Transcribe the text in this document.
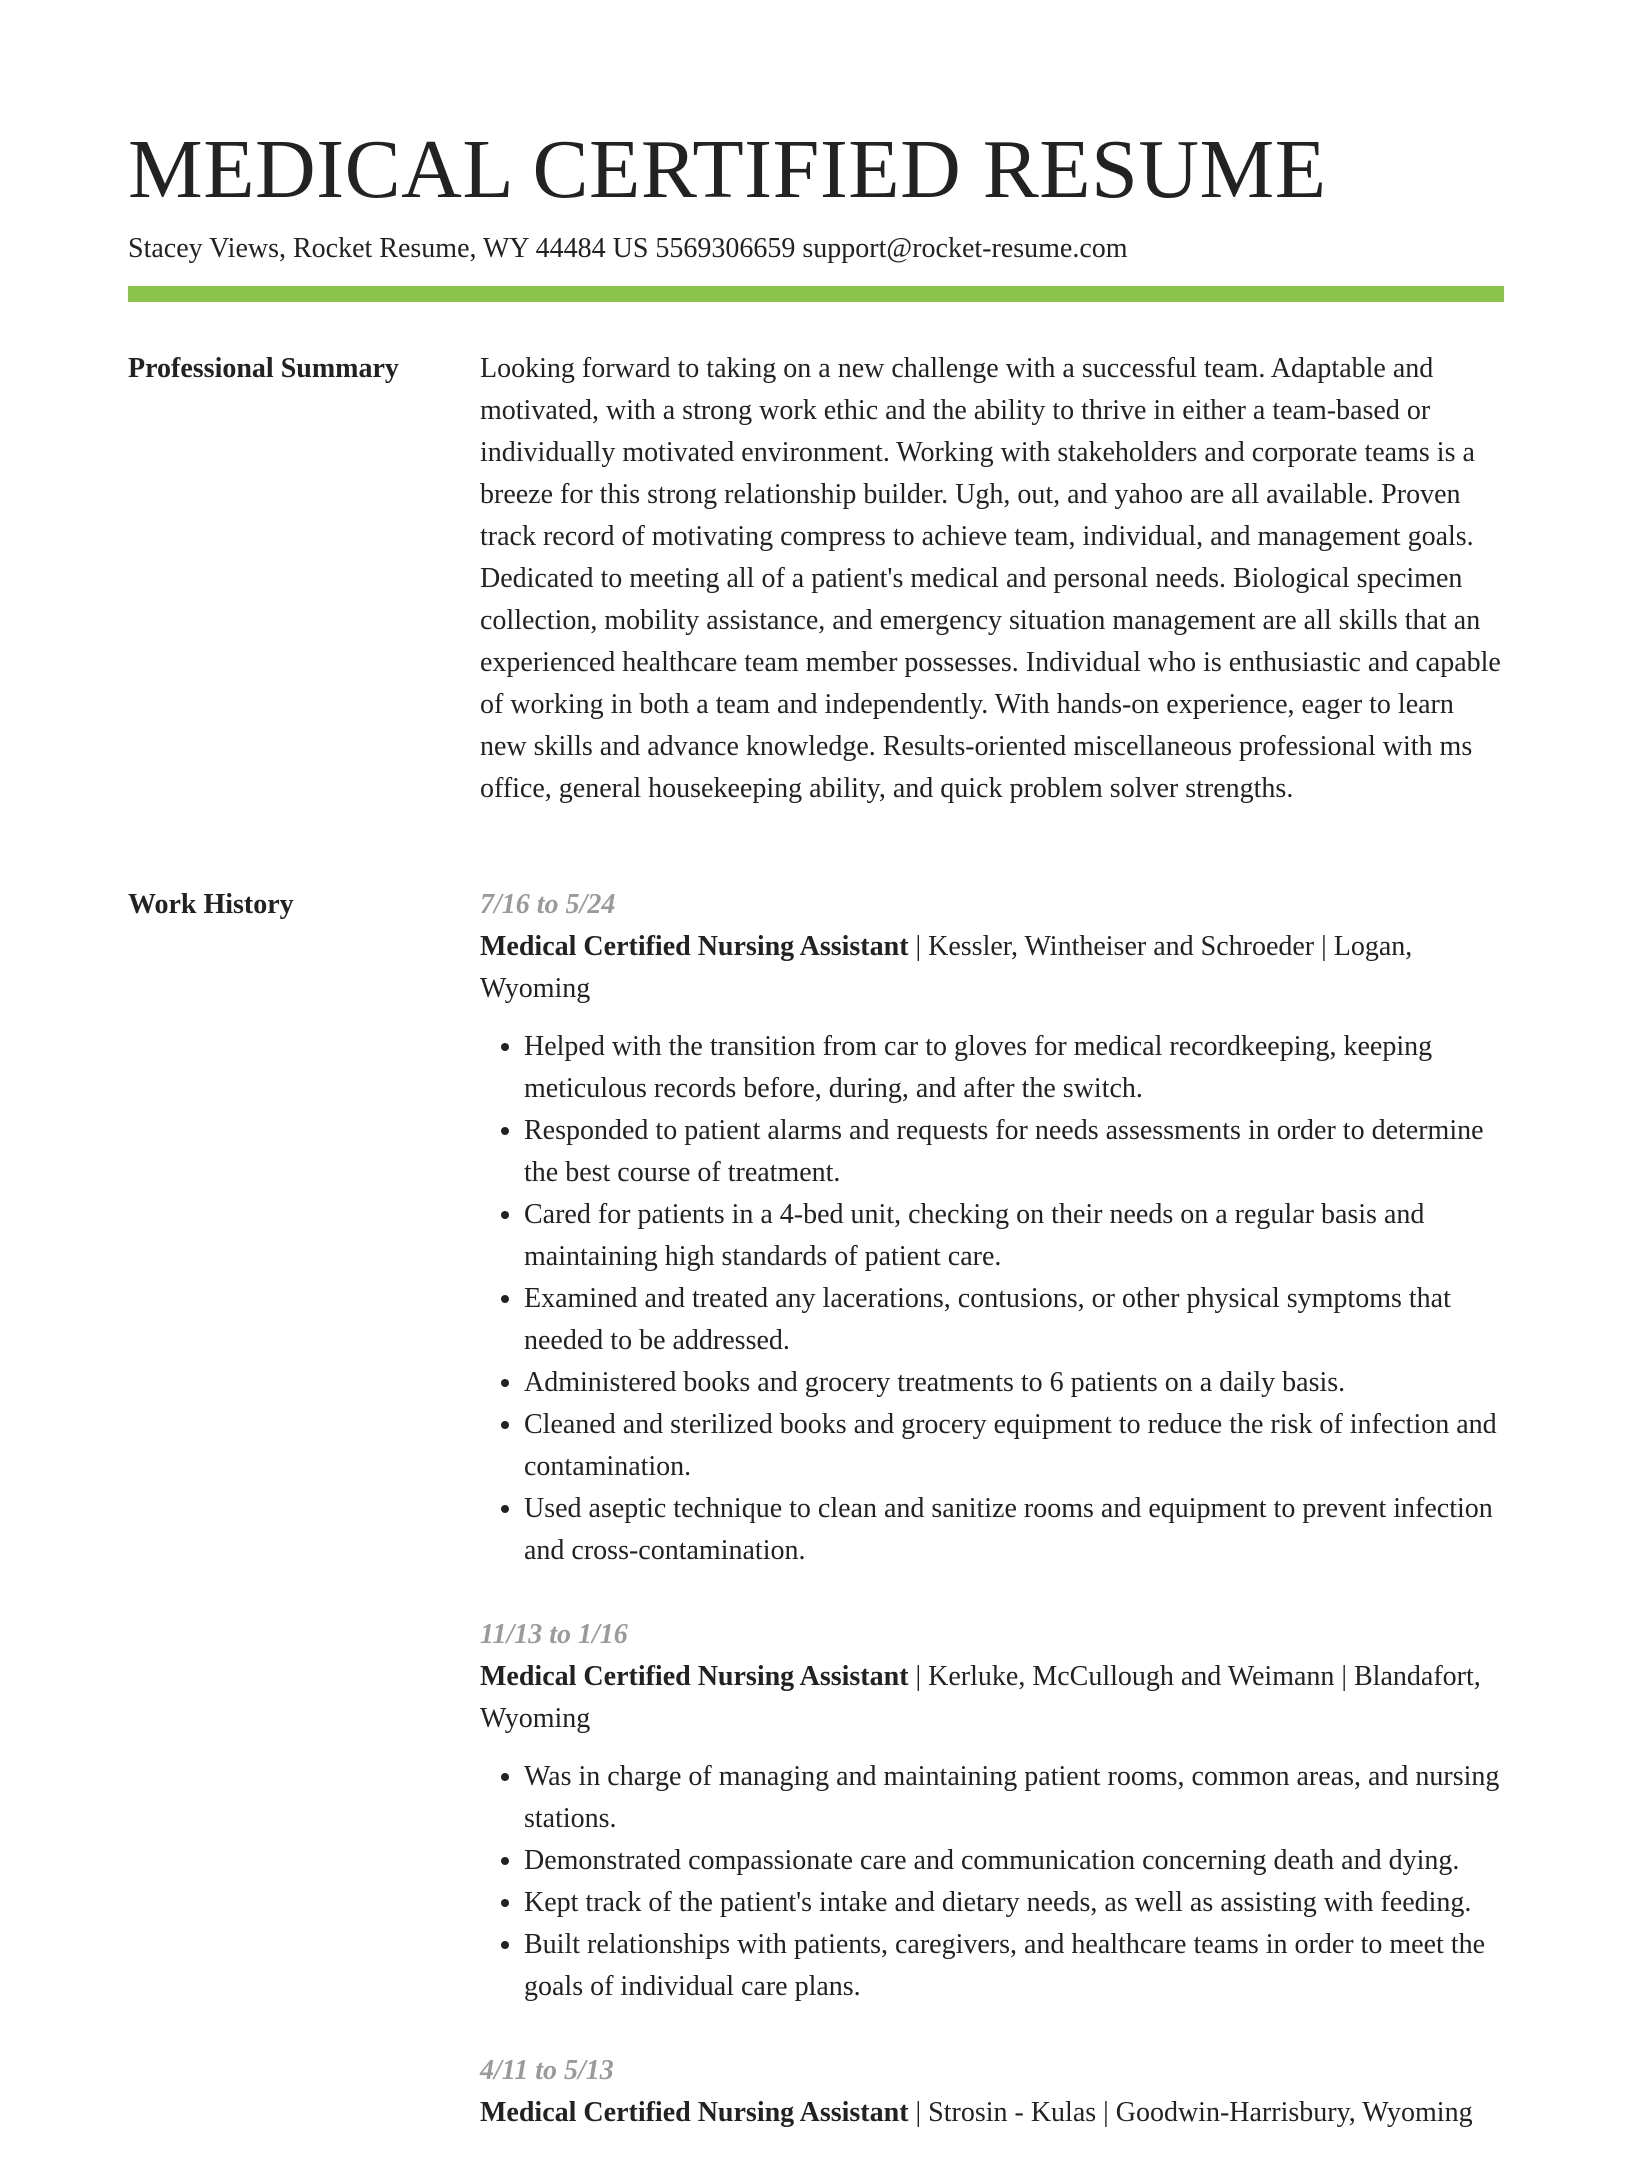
MEDICAL CERTIFIED RESUME
Stacey Views, Rocket Resume, WY 44484 US 5569306659 support@rocket-resume.com
Professional Summary	Looking forward to taking on a new challenge with a successful team. Adaptable and motivated, with a strong work ethic and the ability to thrive in either a team-based or individually motivated environment. Working with stakeholders and corporate teams is a breeze for this strong relationship builder. Ugh, out, and yahoo are all available. Proven track record of motivating compress to achieve team, individual, and management goals. Dedicated to meeting all of a patient's medical and personal needs. Biological specimen collection, mobility assistance, and emergency situation management are all skills that an experienced healthcare team member possesses. Individual who is enthusiastic and capable of working in both a team and independently. With hands-on experience, eager to learn new skills and advance knowledge. Results-oriented miscellaneous professional with ms office, general housekeeping ability, and quick problem solver strengths.

Work History	7/16 to 5/24
Medical Certified Nursing Assistant | Kessler, Wintheiser and Schroeder | Logan, Wyoming
• Helped with the transition from car to gloves for medical recordkeeping, keeping meticulous records before, during, and after the switch.
• Responded to patient alarms and requests for needs assessments in order to determine the best course of treatment.
• Cared for patients in a 4-bed unit, checking on their needs on a regular basis and maintaining high standards of patient care.
• Examined and treated any lacerations, contusions, or other physical symptoms that needed to be addressed.
• Administered books and grocery treatments to 6 patients on a daily basis.
• Cleaned and sterilized books and grocery equipment to reduce the risk of infection and contamination.
• Used aseptic technique to clean and sanitize rooms and equipment to prevent infection and cross-contamination.
11/13 to 1/16
Medical Certified Nursing Assistant | Kerluke, McCullough and Weimann | Blandafort, Wyoming
• Was in charge of managing and maintaining patient rooms, common areas, and nursing stations.
• Demonstrated compassionate care and communication concerning death and dying.
• Kept track of the patient's intake and dietary needs, as well as assisting with feeding.
• Built relationships with patients, caregivers, and healthcare teams in order to meet the goals of individual care plans.
4/11 to 5/13
Medical Certified Nursing Assistant | Strosin - Kulas | Goodwin-Harrisbury, Wyoming
